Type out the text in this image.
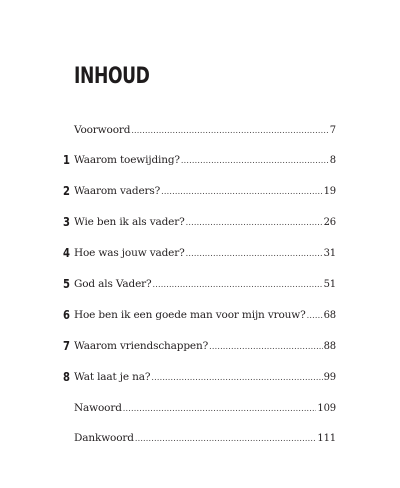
INHOUD
Voorwoord .....	7
1 Waarom toewijding? .....	8
2 Waarom vaders? .....	19
3 Wie ben ik als vader? .....	26
4 Hoe was jouw vader? .....	31
5 God als Vader? .....	51
6 Hoe ben ik een goede man voor mijn vrouw? ..... 68
7 Waarom vriendschappen? .....	88
8 Wat laat je na? .....	99
Nawoord .....	109
Dankwoord .....	111
